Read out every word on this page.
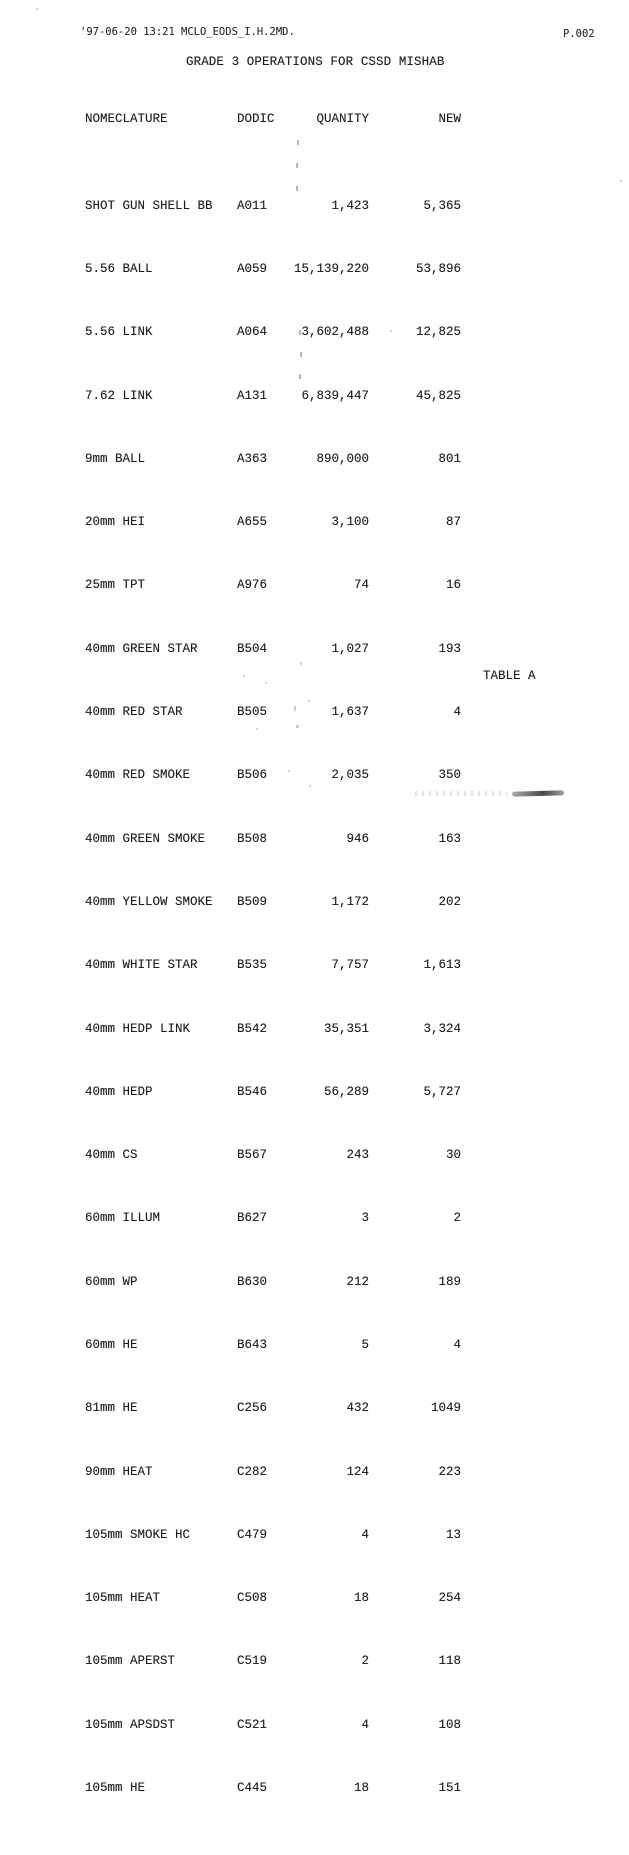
'97-06-20 13:21 MCLO_EODS_I.H.2MD.	P.002
GRADE 3 OPERATIONS FOR CSSD MISHAB

NOMECLATURE	DODIC	QUANITY	NEW

SHOT GUN SHELL BB	A011	1,423	5,365

5.56 BALL	A059	15,139,220	53,896

5.56 LINK	A064	3,602,488	12,825

7.62 LINK	A131	6,839,447	45,825

9mm BALL	A363	890,000	801

20mm HEI	A655	3,100	87

25mm TPT	A976	74	16

40mm GREEN STAR	B504	1,027	193

40mm RED STAR	B505	1,637	4

40mm RED SMOKE	B506	2,035	350

40mm GREEN SMOKE	B508	946	163

40mm YELLOW SMOKE	B509	1,172	202

40mm WHITE STAR	B535	7,757	1,613

40mm HEDP LINK	B542	35,351	3,324

40mm HEDP	B546	56,289	5,727

40mm CS	B567	243	30

60mm ILLUM	B627	3	2

60mm WP	B630	212	189

60mm HE	B643	5	4

81mm HE	C256	432	1049

90mm HEAT	C282	124	223

105mm SMOKE HC	C479	4	13

105mm HEAT	C508	18	254

105mm APERST	C519	2	118

105mm APSDST	C521	4	108

105mm HE	C445	18	151

TABLE A
